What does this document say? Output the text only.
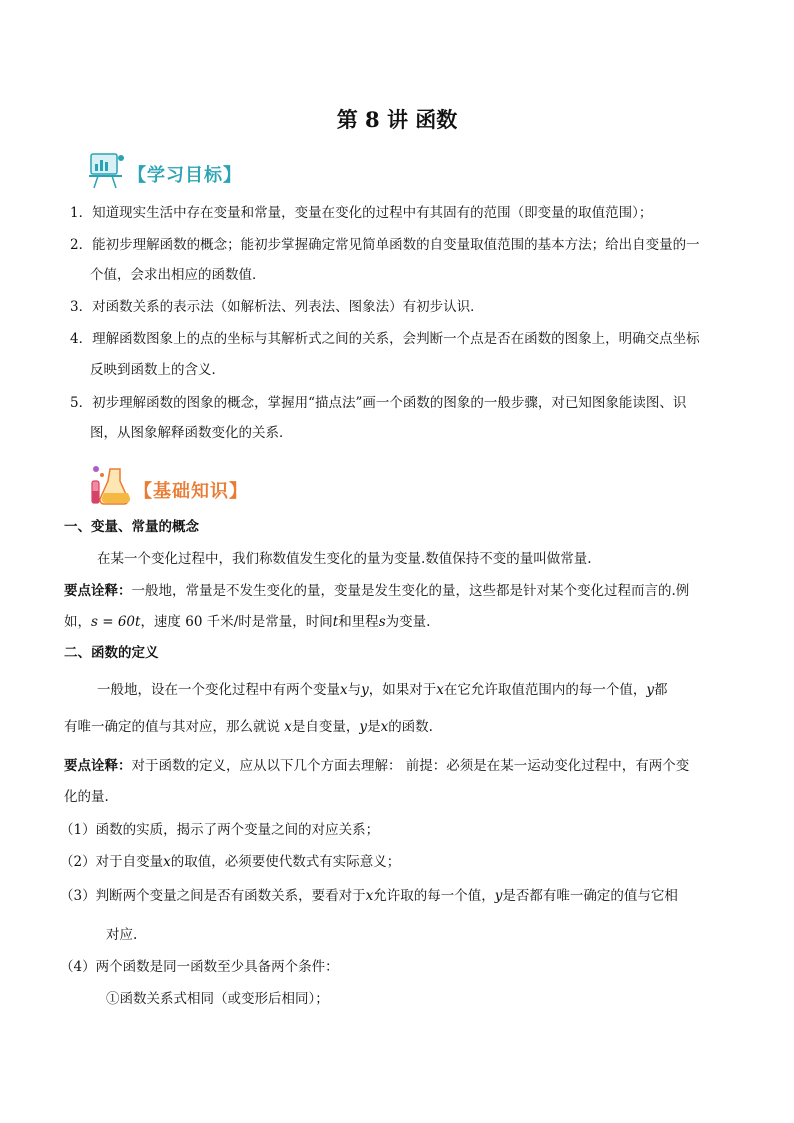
第 8 讲 函数
【学习目标】
1．知道现实生活中存在变量和常量，变量在变化的过程中有其固有的范围（即变量的取值范围）；
2．能初步理解函数的概念；能初步掌握确定常见简单函数的自变量取值范围的基本方法；给出自变量的一
个值，会求出相应的函数值．
3．对函数关系的表示法（如解析法、列表法、图象法）有初步认识．
4．理解函数图象上的点的坐标与其解析式之间的关系，会判断一个点是否在函数的图象上，明确交点坐标
反映到函数上的含义．
5．初步理解函数的图象的概念，掌握用“描点法”画一个函数的图象的一般步骤，对已知图象能读图、识
图，从图象解释函数变化的关系．
【基础知识】
一、变量、常量的概念
在某一个变化过程中，我们称数值发生变化的量为变量.数值保持不变的量叫做常量.
要点诠释：一般地，常量是不发生变化的量，变量是发生变化的量，这些都是针对某个变化过程而言的.例
如，s = 60t，速度 60 千米/时是常量，时间t和里程s为变量.
二、函数的定义
一般地，设在一个变化过程中有两个变量x与y，如果对于x在它允许取值范围内的每一个值，y都
有唯一确定的值与其对应，那么就说 x是自变量，y是x的函数.
要点诠释：对于函数的定义，应从以下几个方面去理解： 前提：必须是在某一运动变化过程中，有两个变
化的量.
（1）函数的实质，揭示了两个变量之间的对应关系；
（2）对于自变量x的取值，必须要使代数式有实际意义；
（3）判断两个变量之间是否有函数关系，要看对于x允许取的每一个值，y是否都有唯一确定的值与它相
对应.
（4）两个函数是同一函数至少具备两个条件：
①函数关系式相同（或变形后相同）；
